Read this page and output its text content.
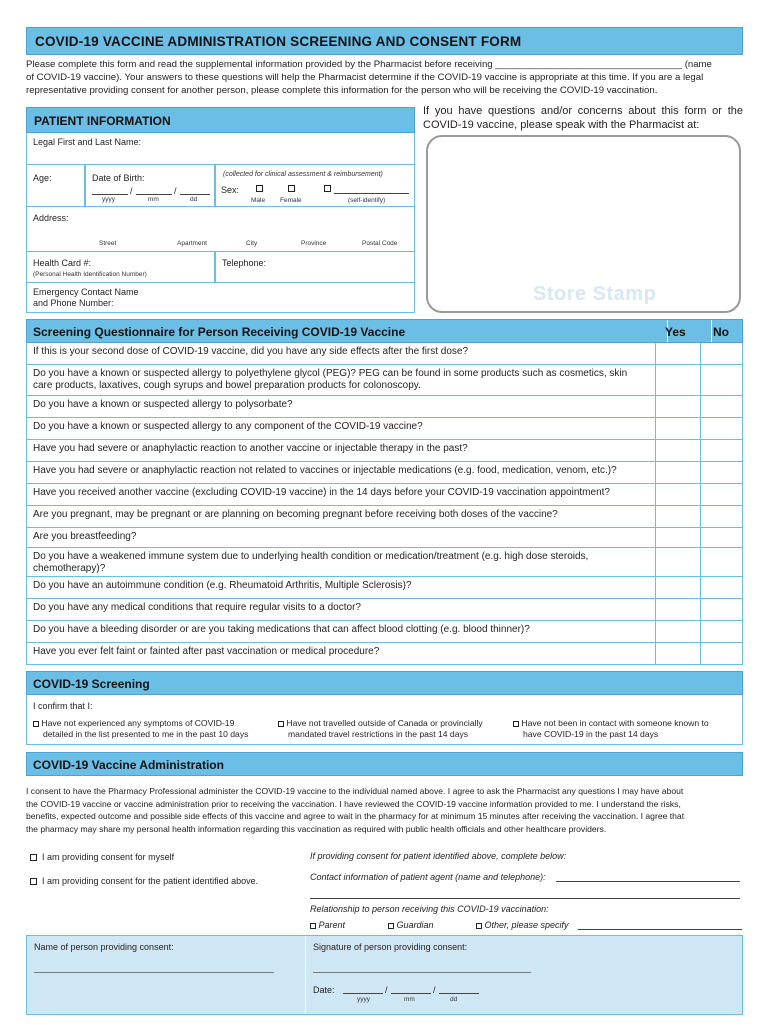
COVID-19 VACCINE ADMINISTRATION SCREENING AND CONSENT FORM
Please complete this form and read the supplemental information provided by the Pharmacist before receiving ___________________________________ (name
of COVID-19 vaccine). Your answers to these questions will help the Pharmacist determine if the COVID-19 vaccine is appropriate at this time. If you are a legal
representative providing consent for another person, please complete this information for the person who will be receiving the COVID-19 vaccination.
PATIENT INFORMATION
If you have questions and/or concerns about this form or the COVID-19 vaccine, please speak with the Pharmacist at:
Store Stamp
Legal First and Last Name:
Age:	Date of Birth:
/	/
yyyy	mm	dd
(collected for clinical assessment & reimbursement)
Sex:
Male Female	(self-identify)
Address:
Street	Apartment	City	Province	Postal Code
Health Card #:
(Personal Health Identification Number)
Telephone:
Emergency Contact Name
and Phone Number:
Screening Questionnaire for Person Receiving COVID-19 Vaccine	Yes No
If this is your second dose of COVID-19 vaccine, did you have any side effects after the first dose?
Do you have a known or suspected allergy to polyethylene glycol (PEG)? PEG can be found in some products such as cosmetics, skin care products, laxatives, cough syrups and bowel preparation products for colonoscopy.
Do you have a known or suspected allergy to polysorbate?
Do you have a known or suspected allergy to any component of the COVID-19 vaccine?
Have you had severe or anaphylactic reaction to another vaccine or injectable therapy in the past?
Have you had severe or anaphylactic reaction not related to vaccines or injectable medications (e.g. food, medication, venom, etc.)?
Have you received another vaccine (excluding COVID-19 vaccine) in the 14 days before your COVID-19 vaccination appointment?
Are you pregnant, may be pregnant or are planning on becoming pregnant before receiving both doses of the vaccine?
Are you breastfeeding?
Do you have a weakened immune system due to underlying health condition or medication/treatment (e.g. high dose steroids, chemotherapy)?
Do you have an autoimmune condition (e.g. Rheumatoid Arthritis, Multiple Sclerosis)?
Do you have any medical conditions that require regular visits to a doctor?
Do you have a bleeding disorder or are you taking medications that can affect blood clotting (e.g. blood thinner)?
Have you ever felt faint or fainted after past vaccination or medical procedure?
COVID-19 Screening
I confirm that I:
Have not experienced any symptoms of COVID-19
detailed in the list presented to me in the past 10 days
Have not travelled outside of Canada or provincially
mandated travel restrictions in the past 14 days
Have not been in contact with someone known to
have COVID-19 in the past 14 days
COVID-19 Vaccine Administration
I consent to have the Pharmacy Professional administer the COVID-19 vaccine to the individual named above. I agree to ask the Pharmacist any questions I may have about
the COVID-19 vaccine or vaccine administration prior to receiving the vaccination. I have reviewed the COVID-19 vaccine information provided to me. I understand the risks,
benefits, expected outcome and possible side effects of this vaccine and agree to wait in the pharmacy for at minimum 15 minutes after receiving the vaccination. I agree that
the pharmacy may share my personal health information regarding this vaccination as required with public health officials and other healthcare providers.
I am providing consent for myself
I am providing consent for the patient identified above.
If providing consent for patient identified above, complete below:
Contact information of patient agent (name and telephone):
Relationship to person receiving this COVID-19 vaccination:
Parent	Guardian	Other, please specify
Name of person providing consent:	Signature of person providing consent:
Date:	/	/
yyyy	mm	dd
